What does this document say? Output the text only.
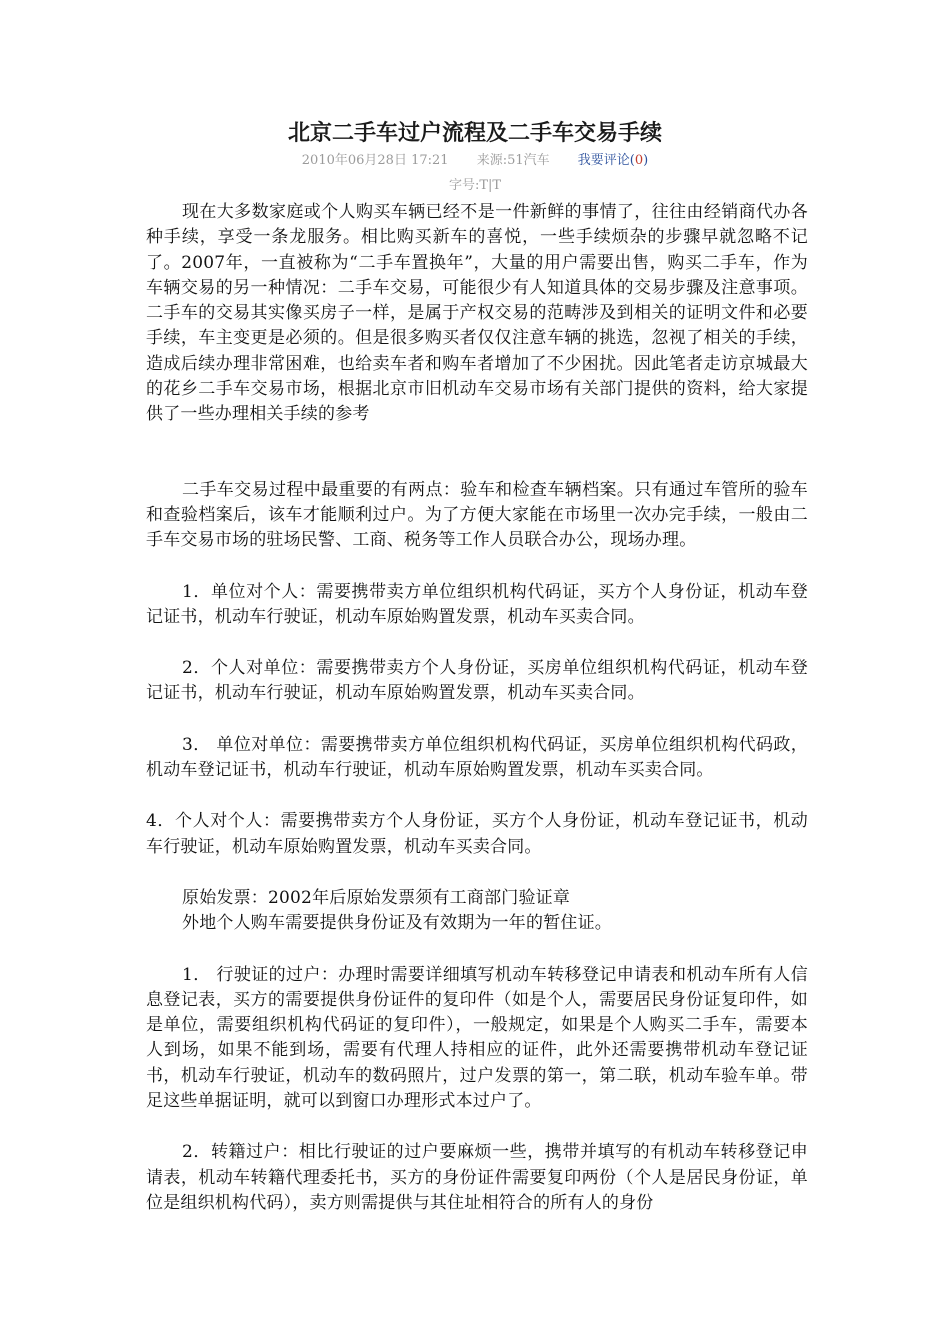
北京二手车过户流程及二手车交易手续
2010年06月28日 17:21 来源:51汽车 我要评论(0)
字号:T|T

现在大多数家庭或个人购买车辆已经不是一件新鲜的事情了，往往由经销商代办各种手续，享受一条龙服务。相比购买新车的喜悦，一些手续烦杂的步骤早就忽略不记了。2007年，一直被称为“二手车置换年”，大量的用户需要出售，购买二手车，作为车辆交易的另一种情况：二手车交易，可能很少有人知道具体的交易步骤及注意事项。二手车的交易其实像买房子一样，是属于产权交易的范畴涉及到相关的证明文件和必要手续，车主变更是必须的。但是很多购买者仅仅注意车辆的挑选，忽视了相关的手续，造成后续办理非常困难，也给卖车者和购车者增加了不少困扰。因此笔者走访京城最大的花乡二手车交易市场，根据北京市旧机动车交易市场有关部门提供的资料，给大家提供了一些办理相关手续的参考

二手车交易过程中最重要的有两点：验车和检查车辆档案。只有通过车管所的验车和查验档案后，该车才能顺利过户。为了方便大家能在市场里一次办完手续，一般由二手车交易市场的驻场民警、工商、税务等工作人员联合办公，现场办理。

1．单位对个人：需要携带卖方单位组织机构代码证，买方个人身份证，机动车登记证书，机动车行驶证，机动车原始购置发票，机动车买卖合同。

2．个人对单位：需要携带卖方个人身份证，买房单位组织机构代码证，机动车登记证书，机动车行驶证，机动车原始购置发票，机动车买卖合同。

3． 单位对单位：需要携带卖方单位组织机构代码证，买房单位组织机构代码政，机动车登记证书，机动车行驶证，机动车原始购置发票，机动车买卖合同。

4．个人对个人：需要携带卖方个人身份证，买方个人身份证，机动车登记证书，机动车行驶证，机动车原始购置发票，机动车买卖合同。

原始发票：2002年后原始发票须有工商部门验证章

外地个人购车需要提供身份证及有效期为一年的暂住证。

1． 行驶证的过户：办理时需要详细填写机动车转移登记申请表和机动车所有人信息登记表，买方的需要提供身份证件的复印件（如是个人，需要居民身份证复印件，如是单位，需要组织机构代码证的复印件），一般规定，如果是个人购买二手车，需要本人到场，如果不能到场，需要有代理人持相应的证件，此外还需要携带机动车登记证书，机动车行驶证，机动车的数码照片，过户发票的第一，第二联，机动车验车单。带足这些单据证明，就可以到窗口办理形式本过户了。

2．转籍过户：相比行驶证的过户要麻烦一些，携带并填写的有机动车转移登记申请表，机动车转籍代理委托书，买方的身份证件需要复印两份（个人是居民身份证，单位是组织机构代码），卖方则需提供与其住址相符合的所有人的身份
